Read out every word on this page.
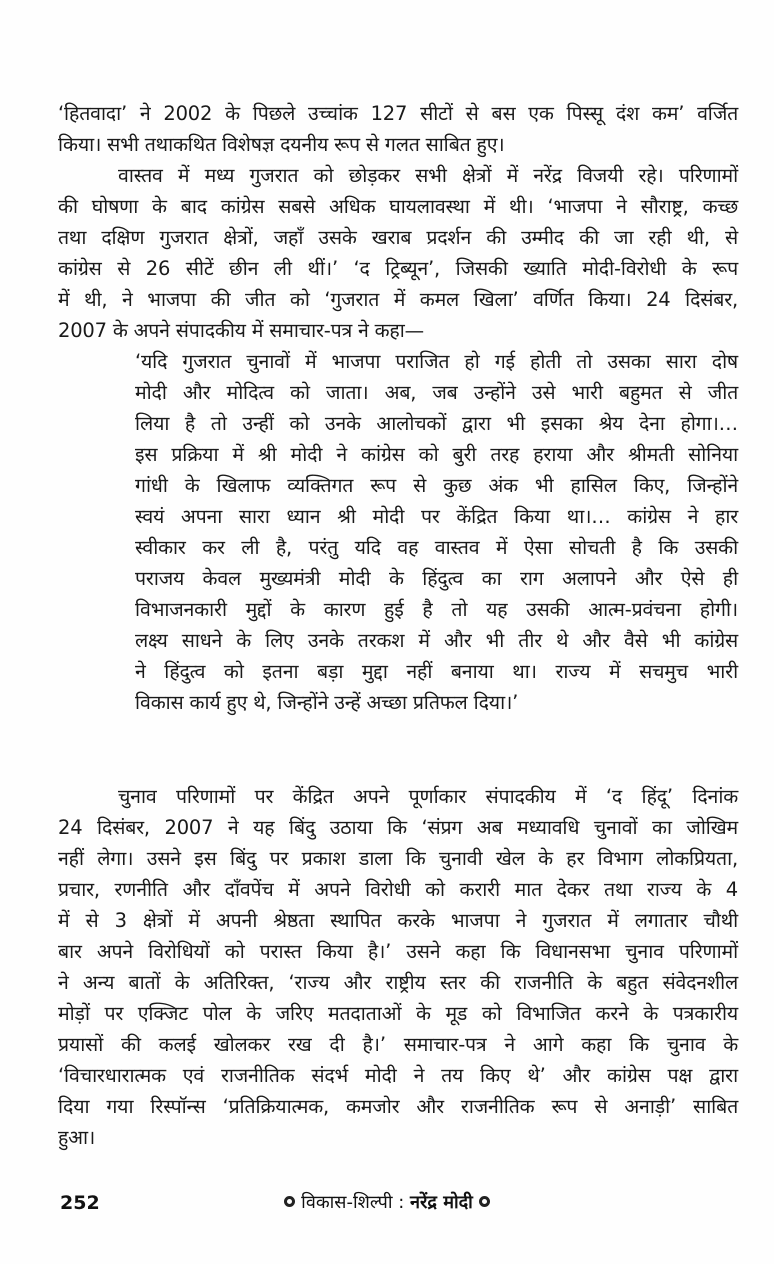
‘हितवादा’ ने 2002 के पिछले उच्चांक 127 सीटों से बस एक पिस्सू दंश कम’ वर्जित
किया। सभी तथाकथित विशेषज्ञ दयनीय रूप से गलत साबित हुए।
वास्तव में मध्य गुजरात को छोड़कर सभी क्षेत्रों में नरेंद्र विजयी रहे। परिणामों
की घोषणा के बाद कांग्रेस सबसे अधिक घायलावस्था में थी। ‘भाजपा ने सौराष्ट्र, कच्छ
तथा दक्षिण गुजरात क्षेत्रों, जहाँ उसके खराब प्रदर्शन की उम्मीद की जा रही थी, से
कांग्रेस से 26 सीटें छीन ली थीं।’ ‘द ट्रिब्यून’, जिसकी ख्याति मोदी-विरोधी के रूप
में थी, ने भाजपा की जीत को ‘गुजरात में कमल खिला’ वर्णित किया। 24 दिसंबर,
2007 के अपने संपादकीय में समाचार-पत्र ने कहा—
‘यदि गुजरात चुनावों में भाजपा पराजित हो गई होती तो उसका सारा दोष
मोदी और मोदित्व को जाता। अब, जब उन्होंने उसे भारी बहुमत से जीत
लिया है तो उन्हीं को उनके आलोचकों द्वारा भी इसका श्रेय देना होगा।…
इस प्रक्रिया में श्री मोदी ने कांग्रेस को बुरी तरह हराया और श्रीमती सोनिया
गांधी के खिलाफ व्यक्तिगत रूप से कुछ अंक भी हासिल किए, जिन्होंने
स्वयं अपना सारा ध्यान श्री मोदी पर केंद्रित किया था।… कांग्रेस ने हार
स्वीकार कर ली है, परंतु यदि वह वास्तव में ऐसा सोचती है कि उसकी
पराजय केवल मुख्यमंत्री मोदी के हिंदुत्व का राग अलापने और ऐसे ही
विभाजनकारी मुद्दों के कारण हुई है तो यह उसकी आत्म-प्रवंचना होगी।
लक्ष्य साधने के लिए उनके तरकश में और भी तीर थे और वैसे भी कांग्रेस
ने हिंदुत्व को इतना बड़ा मुद्दा नहीं बनाया था। राज्य में सचमुच भारी
विकास कार्य हुए थे, जिन्होंने उन्हें अच्छा प्रतिफल दिया।’
चुनाव परिणामों पर केंद्रित अपने पूर्णाकार संपादकीय में ‘द हिंदू’ दिनांक
24 दिसंबर, 2007 ने यह बिंदु उठाया कि ‘संप्रग अब मध्यावधि चुनावों का जोखिम
नहीं लेगा। उसने इस बिंदु पर प्रकाश डाला कि चुनावी खेल के हर विभाग लोकप्रियता,
प्रचार, रणनीति और दाँवपेंच में अपने विरोधी को करारी मात देकर तथा राज्य के 4
में से 3 क्षेत्रों में अपनी श्रेष्ठता स्थापित करके भाजपा ने गुजरात में लगातार चौथी
बार अपने विरोधियों को परास्त किया है।’ उसने कहा कि विधानसभा चुनाव परिणामों
ने अन्य बातों के अतिरिक्त, ‘राज्य और राष्ट्रीय स्तर की राजनीति के बहुत संवेदनशील
मोड़ों पर एक्जिट पोल के जरिए मतदाताओं के मूड को विभाजित करने के पत्रकारीय
प्रयासों की कलई खोलकर रख दी है।’ समाचार-पत्र ने आगे कहा कि चुनाव के
‘विचारधारात्मक एवं राजनीतिक संदर्भ मोदी ने तय किए थे’ और कांग्रेस पक्ष द्वारा
दिया गया रिस्पॉन्स ‘प्रतिक्रियात्मक, कमजोर और राजनीतिक रूप से अनाड़ी’ साबित
हुआ।
252	विकास-शिल्पी : नरेंद्र मोदी
